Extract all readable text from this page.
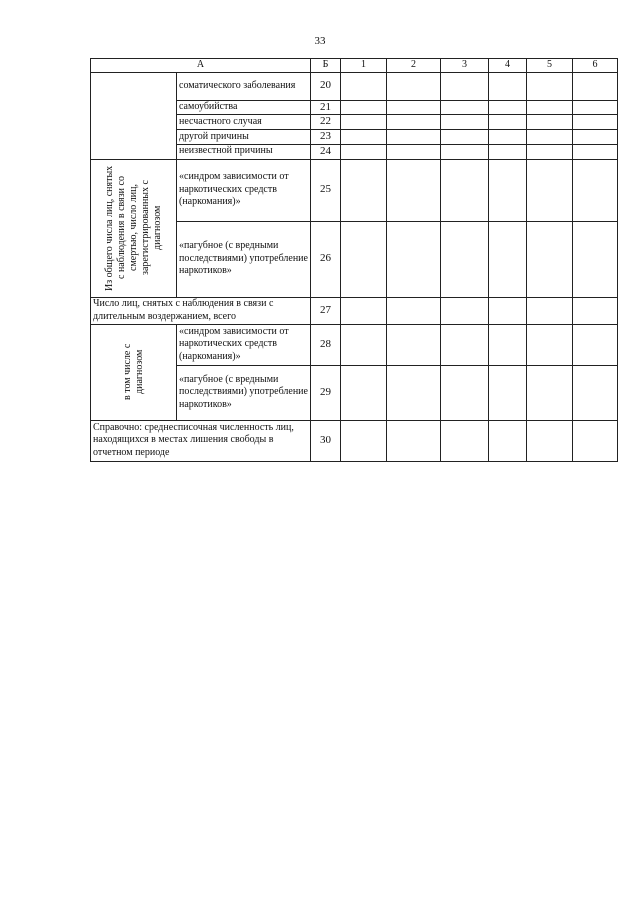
33
А		Б	1	2	3	4	5	6
	соматического заболевания	20						
	самоубийства	21						
	несчастного случая	22						
	другой причины	23						
	неизвестной причины	24						

Из общего числа лиц, снятых с наблюдения в связи со смертью, число лиц, зарегистрированных с диагнозом	«синдром зависимости от наркотических средств (наркомания)»	25						
	«пагубное (с вредными последствиями) употребление наркотиков»	26						
Число лиц, снятых с наблюдения в связи с длительным воздержанием, всего		27						

в том числе с диагнозом	«синдром зависимости от наркотических средств (наркомания)»	28						
	«пагубное (с вредными последствиями) употребление наркотиков»	29						
Справочно: среднесписочная численность лиц, находящихся в местах лишения свободы в отчетном периоде		30						
